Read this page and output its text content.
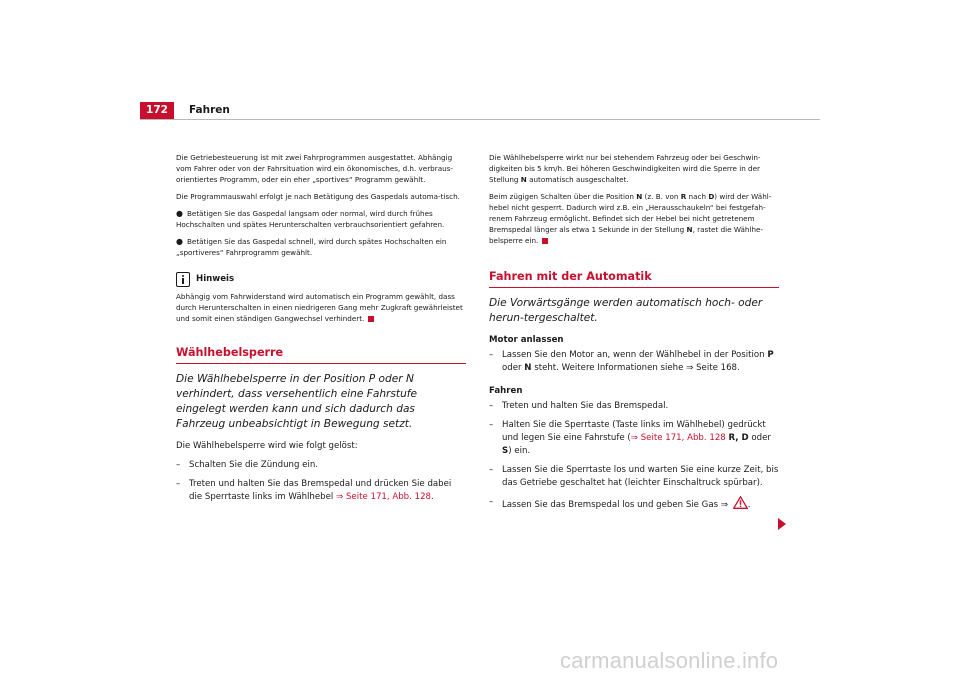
172	Fahren

Die Getriebesteuerung ist mit zwei Fahrprogrammen ausgestattet. Abhängig vom Fahrer oder von der Fahrsituation wird ein ökonomisches, d.h. verbraus-orientiertes Programm, oder ein eher „sportives“ Programm gewählt.

Die Programmauswahl erfolgt je nach Betätigung des Gaspedals automa-tisch.

● Betätigen Sie das Gaspedal langsam oder normal, wird durch frühes Hochschalten und spätes Herunterschalten verbrauchsorientiert gefahren.

● Betätigen Sie das Gaspedal schnell, wird durch spätes Hochschalten ein „sportiveres“ Fahrprogramm gewählt.

Hinweis

Abhängig vom Fahrwiderstand wird automatisch ein Programm gewählt, dass durch Herunterschalten in einen niedrigeren Gang mehr Zugkraft gewährleistet und somit einen ständigen Gangwechsel verhindert.

Wählhebelsperre
Die Wählhebelsperre in der Position P oder N verhindert, dass versehentlich eine Fahrstufe eingelegt werden kann und sich dadurch das Fahrzeug unbeabsichtigt in Bewegung setzt.

Die Wählhebelsperre wird wie folgt gelöst:

– Schalten Sie die Zündung ein.
– Treten und halten Sie das Bremspedal und drücken Sie dabei die Sperrtaste links im Wählhebel ⇒ Seite 171, Abb. 128.

Die Wählhebelsperre wirkt nur bei stehendem Fahrzeug oder bei Geschwin-digkeiten bis 5 km/h. Bei höheren Geschwindigkeiten wird die Sperre in der Stellung N automatisch ausgeschaltet.

Beim zügigen Schalten über die Position N (z. B. von R nach D) wird der Wähl-hebel nicht gesperrt. Dadurch wird z.B. ein „Herausschaukeln“ bei festgefah-renem Fahrzeug ermöglicht. Befindet sich der Hebel bei nicht getretenem Bremspedal länger als etwa 1 Sekunde in der Stellung N, rastet die Wählhe-belsperre ein.

Fahren mit der Automatik
Die Vorwärtsgänge werden automatisch hoch- oder herun-tergeschaltet.
Motor anlassen
– Lassen Sie den Motor an, wenn der Wählhebel in der Position P oder N steht. Weitere Informationen siehe ⇒ Seite 168.
Fahren
– Treten und halten Sie das Bremspedal.
– Halten Sie die Sperrtaste (Taste links im Wählhebel) gedrückt und legen Sie eine Fahrstufe (⇒ Seite 171, Abb. 128 R, D oder S) ein.
– Lassen Sie die Sperrtaste los und warten Sie eine kurze Zeit, bis das Getriebe geschaltet hat (leichter Einschaltruck spürbar).
– Lassen Sie das Bremspedal los und geben Sie Gas ⇒ .
carmanualsonline.info
